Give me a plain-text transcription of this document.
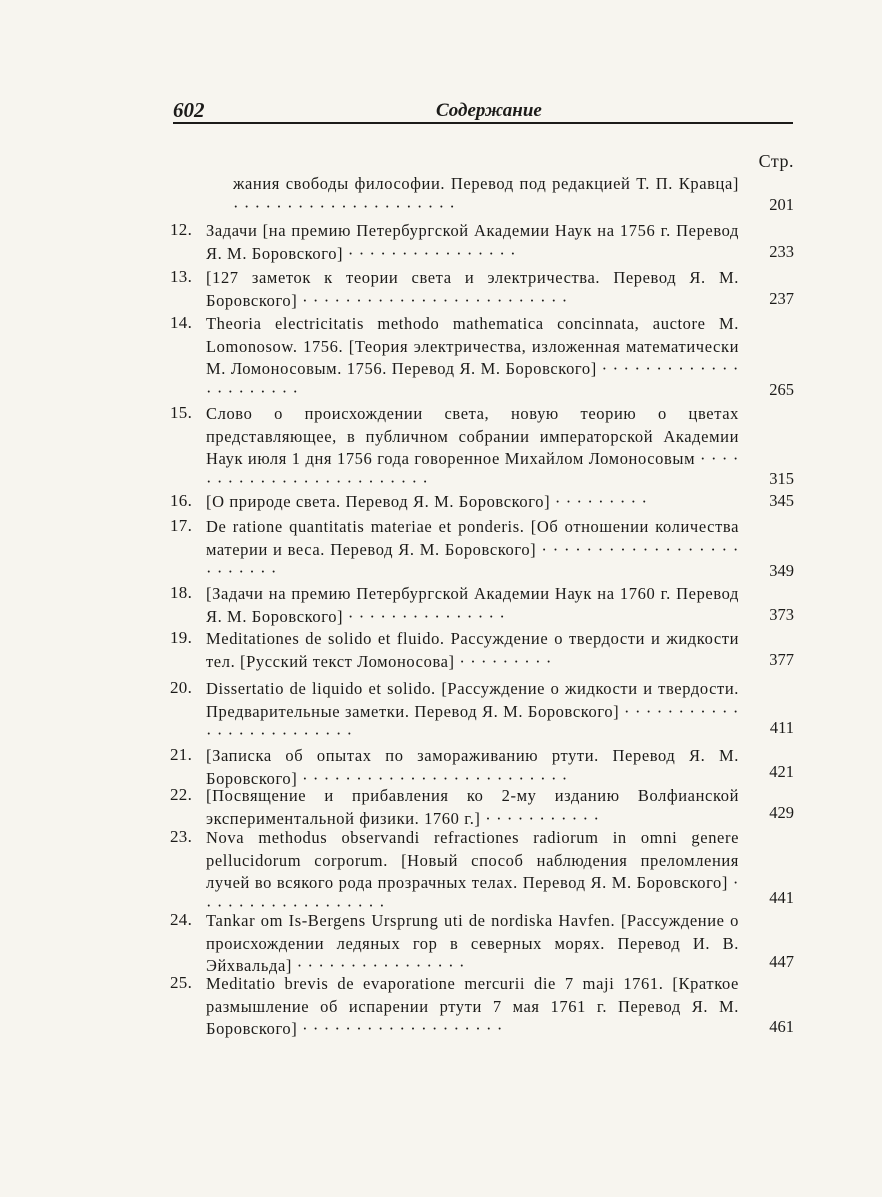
602	Содержание
Стр.
жания свободы философии. Перевод под редакцией Т. П. Кравца] · · · · · · · · · · · · · · · · · · · · ·	201
12. Задачи [на премию Петербургской Академии Наук на 1756 г. Перевод Я. М. Боровского] · · · · · · · · · · · · · · · ·	233
13. [127 заметок к теории света и электричества. Перевод Я. М. Боровского] · · · · · · · · · · · · · · · · · · · · · · · · ·	237
14. Theoria electricitatis methodo mathematica concinnata, auctore M. Lomonosow. 1756. [Теория электричества, изложенная математически М. Ломоносовым. 1756. Перевод Я. М. Боровского] · · · · · · · · · · · · · · · · · · · · · ·	265
15. Слово о происхождении света, новую теорию о цветах представляющее, в публичном собрании императорской Академии Наук июля 1 дня 1756 года говоренное Михайлом Ломоносовым · · · · · · · · · · · · · · · · · · · · · · · · ·	315
16. [О природе света. Перевод Я. М. Боровского] · · · · · · · · ·	345
17. De ratione quantitatis materiae et ponderis. [Об отношении количества материи и веса. Перевод Я. М. Боровского] · · · · · · · · · · · · · · · · · · · · · · · · ·	349
18. [Задачи на премию Петербургской Академии Наук на 1760 г. Перевод Я. М. Боровского] · · · · · · · · · · · · · · ·	373
19. Meditationes de solido et fluido. Рассуждение о твердости и жидкости тел. [Русский текст Ломоносова] · · · · · · · · ·	377
20. Dissertatio de liquido et solido. [Рассуждение о жидкости и твердости. Предварительные заметки. Перевод Я. М. Боровского] · · · · · · · · · · · · · · · · · · · · · · · · ·	411
21. [Записка об опытах по замораживанию ртути. Перевод Я. М. Боровского] · · · · · · · · · · · · · · · · · · · · · · · · ·	421
22. [Посвящение и прибавления ко 2-му изданию Волфианской экспериментальной физики. 1760 г.] · · · · · · · · · · ·	429
23. Nova methodus observandi refractiones radiorum in omni genere pellucidorum corporum. [Новый способ наблюдения преломления лучей во всякого рода прозрачных телах. Перевод Я. М. Боровского] · · · · · · · · · · · · · · · · · ·	441
24. Tankar om Is-Bergens Ursprung uti de nordiska Havfen. [Рассуждение о происхождении ледяных гор в северных морях. Перевод И. В. Эйхвальда] · · · · · · · · · · · · · · · ·	447
25. Meditatio brevis de evaporatione mercurii die 7 maji 1761. [Краткое размышление об испарении ртути 7 мая 1761 г. Перевод Я. М. Боровского] · · · · · · · · · · · · · · · · · · ·	461
